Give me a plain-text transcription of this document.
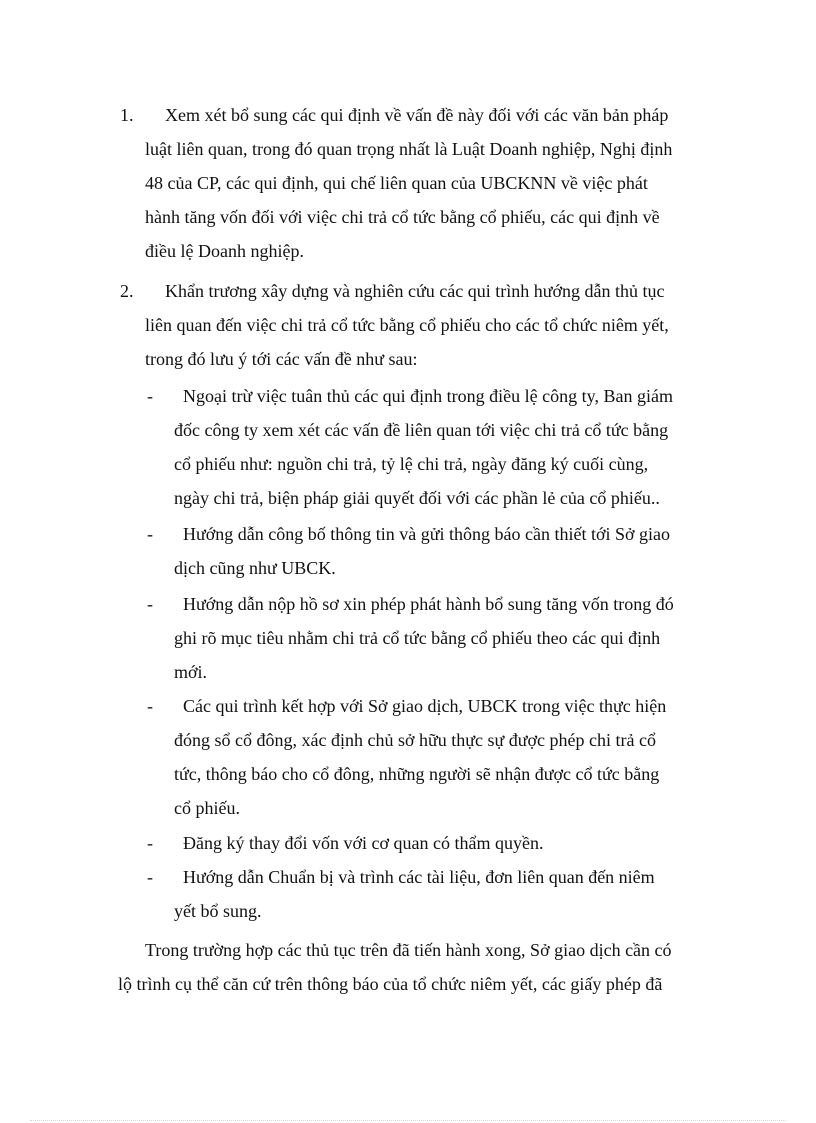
1. Xem xét bổ sung các qui định về vấn đề này đối với các văn bản pháp
luật liên quan, trong đó quan trọng nhất là Luật Doanh nghiệp, Nghị định
48 của CP, các qui định, qui chế liên quan của UBCKNN về việc phát
hành tăng vốn đối với việc chi trả cổ tức bằng cổ phiếu, các qui định về
điều lệ Doanh nghiệp.
2. Khẩn trương xây dựng và nghiên cứu các qui trình hướng dẫn thủ tục
liên quan đến việc chi trả cổ tức bằng cổ phiếu cho các tổ chức niêm yết,
trong đó lưu ý tới các vấn đề như sau:
- Ngoại trừ việc tuân thủ các qui định trong điều lệ công ty, Ban giám
đốc công ty xem xét các vấn đề liên quan tới việc chi trả cổ tức bằng
cổ phiếu như: nguồn chi trả, tỷ lệ chi trả, ngày đăng ký cuối cùng,
ngày chi trả, biện pháp giải quyết đối với các phần lẻ của cổ phiếu..
- Hướng dẫn công bố thông tin và gửi thông báo cần thiết tới Sở giao
dịch cũng như UBCK.
- Hướng dẫn nộp hồ sơ xin phép phát hành bổ sung tăng vốn trong đó
ghi rõ mục tiêu nhằm chi trả cổ tức bằng cổ phiếu theo các qui định
mới.
- Các qui trình kết hợp với Sở giao dịch, UBCK trong việc thực hiện
đóng sổ cổ đông, xác định chủ sở hữu thực sự được phép chi trả cổ
tức, thông báo cho cổ đông, những người sẽ nhận được cổ tức bằng
cổ phiếu.
- Đăng ký thay đổi vốn với cơ quan có thẩm quyền.
- Hướng dẫn Chuẩn bị và trình các tài liệu, đơn liên quan đến niêm
yết bổ sung.
Trong trường hợp các thủ tục trên đã tiến hành xong, Sở giao dịch cần có
lộ trình cụ thể căn cứ trên thông báo của tổ chức niêm yết, các giấy phép đã
